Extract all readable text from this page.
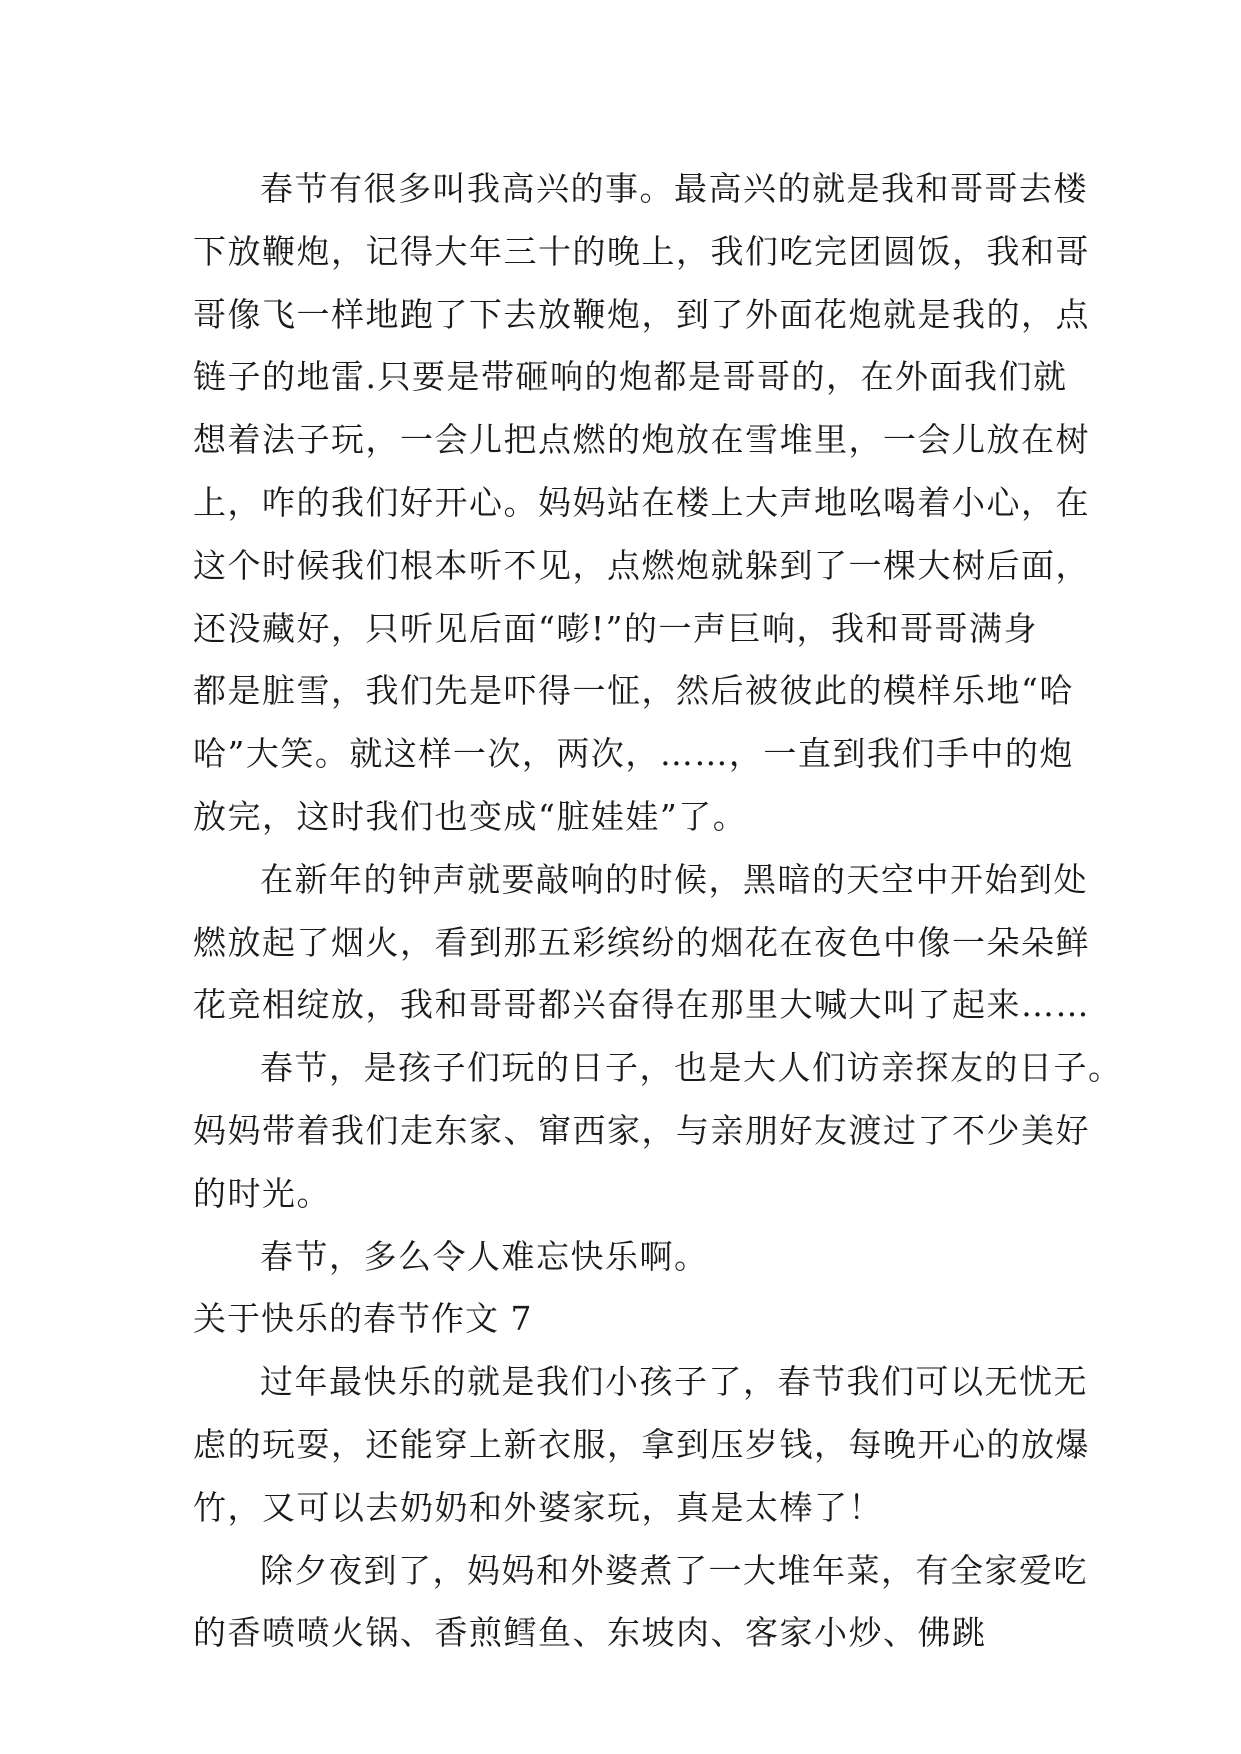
春节有很多叫我高兴的事。最高兴的就是我和哥哥去楼
下放鞭炮，记得大年三十的晚上，我们吃完团圆饭，我和哥
哥像飞一样地跑了下去放鞭炮，到了外面花炮就是我的，点
链子的地雷.只要是带砸响的炮都是哥哥的，在外面我们就
想着法子玩，一会儿把点燃的炮放在雪堆里，一会儿放在树
上，咋的我们好开心。妈妈站在楼上大声地吆喝着小心，在
这个时候我们根本听不见，点燃炮就躲到了一棵大树后面，
还没藏好，只听见后面“嘭!”的一声巨响，我和哥哥满身
都是脏雪，我们先是吓得一怔，然后被彼此的模样乐地“哈
哈”大笑。就这样一次，两次，……，一直到我们手中的炮
放完，这时我们也变成“脏娃娃”了。
在新年的钟声就要敲响的时候，黑暗的天空中开始到处
燃放起了烟火，看到那五彩缤纷的烟花在夜色中像一朵朵鲜
花竞相绽放，我和哥哥都兴奋得在那里大喊大叫了起来……
春节，是孩子们玩的日子，也是大人们访亲探友的日子。
妈妈带着我们走东家、窜西家，与亲朋好友渡过了不少美好
的时光。
春节，多么令人难忘快乐啊。
关于快乐的春节作文 7
过年最快乐的就是我们小孩子了，春节我们可以无忧无
虑的玩耍，还能穿上新衣服，拿到压岁钱，每晚开心的放爆
竹，又可以去奶奶和外婆家玩，真是太棒了！
除夕夜到了，妈妈和外婆煮了一大堆年菜，有全家爱吃
的香喷喷火锅、香煎鳕鱼、东坡肉、客家小炒、佛跳
